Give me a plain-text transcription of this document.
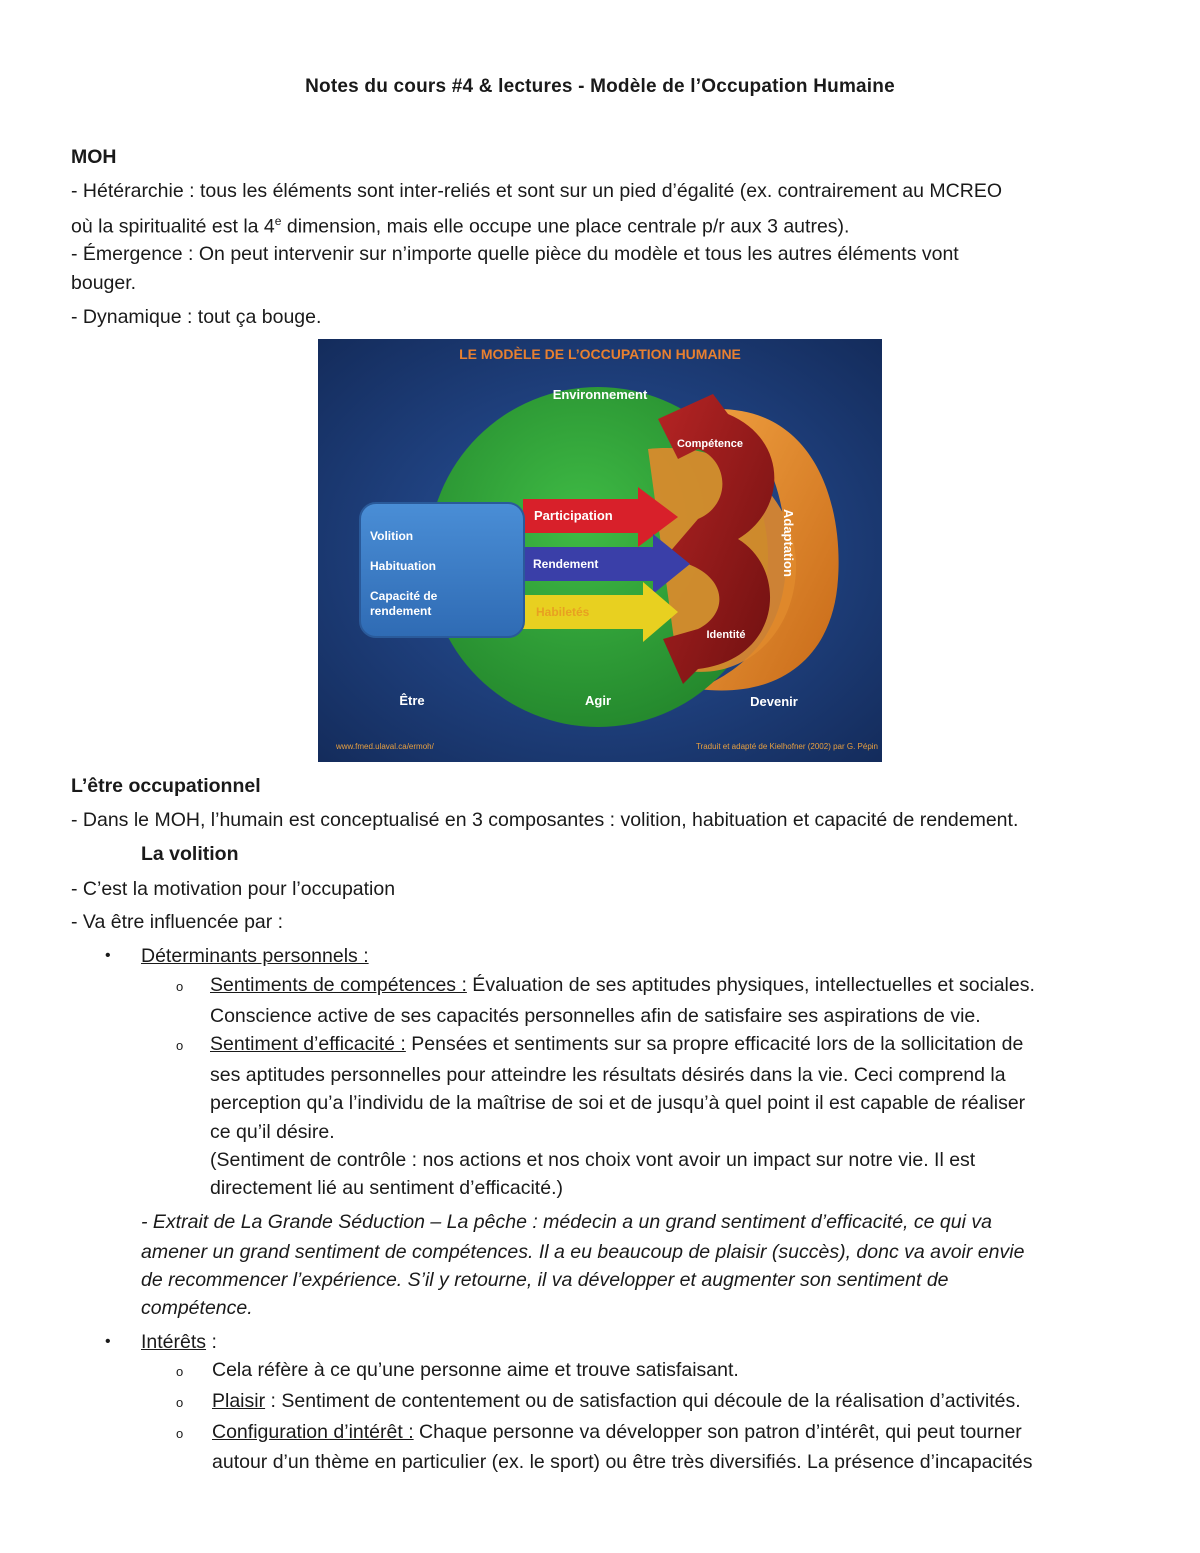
Notes du cours #4 & lectures - Modèle de l’Occupation Humaine
MOH
- Hétérarchie : tous les éléments sont inter-reliés et sont sur un pied d’égalité (ex. contrairement au MCREO
où la spiritualité est la 4e dimension, mais elle occupe une place centrale p/r aux 3 autres).
- Émergence : On peut intervenir sur n’importe quelle pièce du modèle et tous les autres éléments vont
bouger.
- Dynamique : tout ça bouge.
LE MODÈLE DE L’OCCUPATION HUMAINE
Environnement
Compétence
Adaptation
Participation
Rendement
Habiletés
Identité
Volition
Habituation
Capacité de
rendement
Être	Agir	Devenir
www.fmed.ulaval.ca/ermoh/	Traduit et adapté de Kielhofner (2002) par G. Pépin
L’être occupationnel
- Dans le MOH, l’humain est conceptualisé en 3 composantes : volition, habituation et capacité de rendement.
La volition
- C’est la motivation pour l’occupation
- Va être influencée par :
• Déterminants personnels :
o Sentiments de compétences : Évaluation de ses aptitudes physiques, intellectuelles et sociales.
Conscience active de ses capacités personnelles afin de satisfaire ses aspirations de vie.
o Sentiment d’efficacité : Pensées et sentiments sur sa propre efficacité lors de la sollicitation de
ses aptitudes personnelles pour atteindre les résultats désirés dans la vie. Ceci comprend la
perception qu’a l’individu de la maîtrise de soi et de jusqu’à quel point il est capable de réaliser
ce qu’il désire.
(Sentiment de contrôle : nos actions et nos choix vont avoir un impact sur notre vie. Il est
directement lié au sentiment d’efficacité.)
- Extrait de La Grande Séduction – La pêche : médecin a un grand sentiment d’efficacité, ce qui va
amener un grand sentiment de compétences. Il a eu beaucoup de plaisir (succès), donc va avoir envie
de recommencer l’expérience. S’il y retourne, il va développer et augmenter son sentiment de
compétence.
• Intérêts :
o Cela réfère à ce qu’une personne aime et trouve satisfaisant.
o Plaisir : Sentiment de contentement ou de satisfaction qui découle de la réalisation d’activités.
o Configuration d’intérêt : Chaque personne va développer son patron d’intérêt, qui peut tourner
autour d’un thème en particulier (ex. le sport) ou être très diversifiés. La présence d’incapacités
